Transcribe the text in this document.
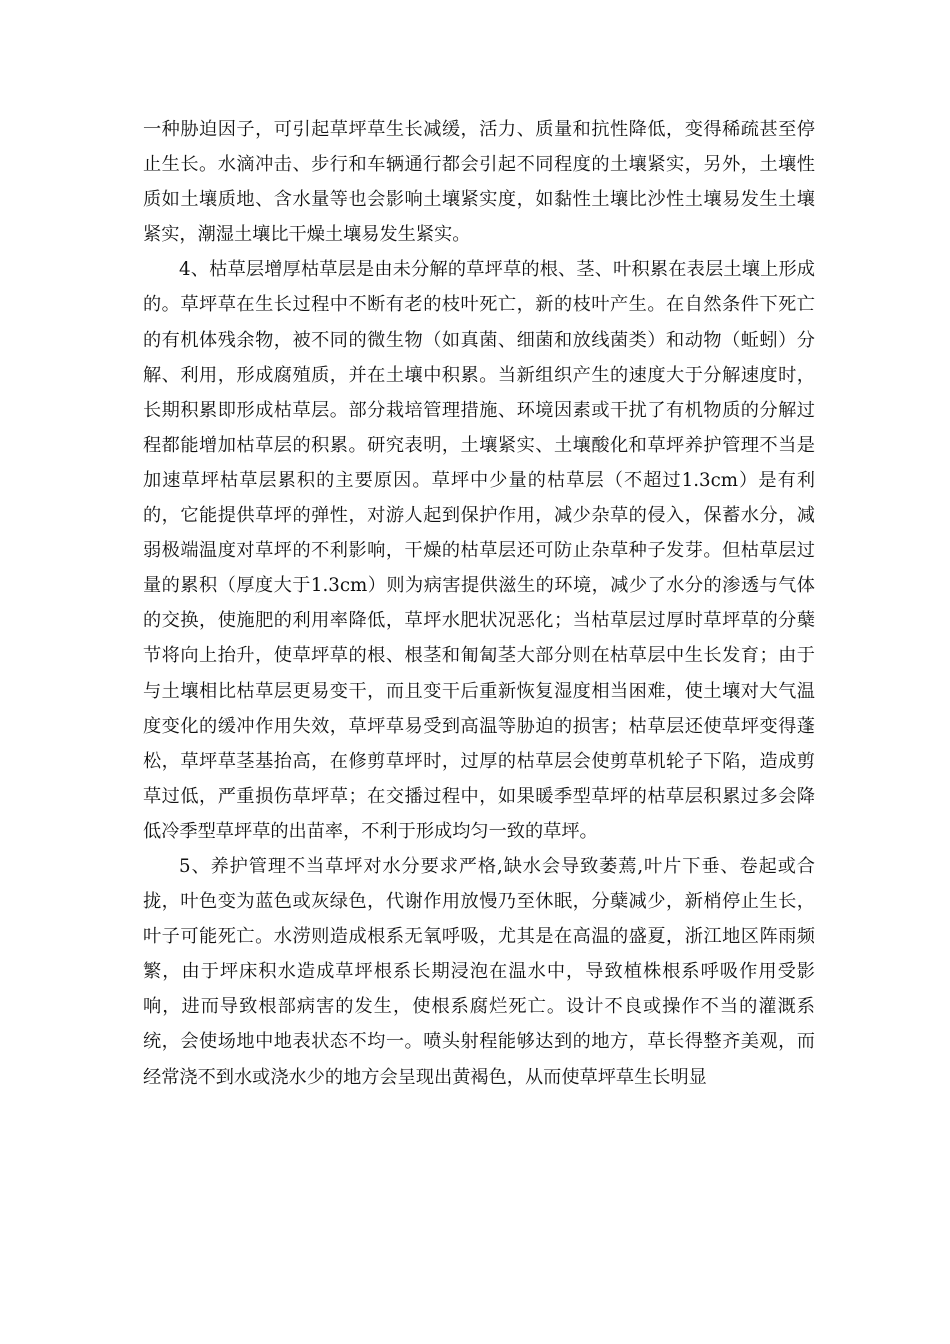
一种胁迫因子，可引起草坪草生长减缓，活力、质量和抗性降低，变得稀疏甚至停止生长。水滴冲击、步行和车辆通行都会引起不同程度的土壤紧实，另外，土壤性质如土壤质地、含水量等也会影响土壤紧实度，如黏性土壤比沙性土壤易发生土壤紧实，潮湿土壤比干燥土壤易发生紧实。

4、枯草层增厚枯草层是由未分解的草坪草的根、茎、叶积累在表层土壤上形成的。草坪草在生长过程中不断有老的枝叶死亡，新的枝叶产生。在自然条件下死亡的有机体残余物，被不同的微生物（如真菌、细菌和放线菌类）和动物（蚯蚓）分解、利用，形成腐殖质，并在土壤中积累。当新组织产生的速度大于分解速度时，长期积累即形成枯草层。部分栽培管理措施、环境因素或干扰了有机物质的分解过程都能增加枯草层的积累。研究表明，土壤紧实、土壤酸化和草坪养护管理不当是加速草坪枯草层累积的主要原因。草坪中少量的枯草层（不超过1.3cm）是有利的，它能提供草坪的弹性，对游人起到保护作用，减少杂草的侵入，保蓄水分，减弱极端温度对草坪的不利影响，干燥的枯草层还可防止杂草种子发芽。但枯草层过量的累积（厚度大于1.3cm）则为病害提供滋生的环境，减少了水分的渗透与气体的交换，使施肥的利用率降低，草坪水肥状况恶化；当枯草层过厚时草坪草的分蘖节将向上抬升，使草坪草的根、根茎和匍匐茎大部分则在枯草层中生长发育；由于与土壤相比枯草层更易变干，而且变干后重新恢复湿度相当困难，使土壤对大气温度变化的缓冲作用失效，草坪草易受到高温等胁迫的损害；枯草层还使草坪变得蓬松，草坪草茎基抬高，在修剪草坪时，过厚的枯草层会使剪草机轮子下陷，造成剪草过低，严重损伤草坪草；在交播过程中，如果暖季型草坪的枯草层积累过多会降低冷季型草坪草的出苗率，不利于形成均匀一致的草坪。

5、养护管理不当草坪对水分要求严格,缺水会导致萎蔫,叶片下垂、卷起或合拢，叶色变为蓝色或灰绿色，代谢作用放慢乃至休眠，分蘖减少，新梢停止生长，叶子可能死亡。水涝则造成根系无氧呼吸，尤其是在高温的盛夏，浙江地区阵雨频繁，由于坪床积水造成草坪根系长期浸泡在温水中，导致植株根系呼吸作用受影响，进而导致根部病害的发生，使根系腐烂死亡。设计不良或操作不当的灌溉系统，会使场地中地表状态不均一。喷头射程能够达到的地方，草长得整齐美观，而经常浇不到水或浇水少的地方会呈现出黄褐色，从而使草坪草生长明显
